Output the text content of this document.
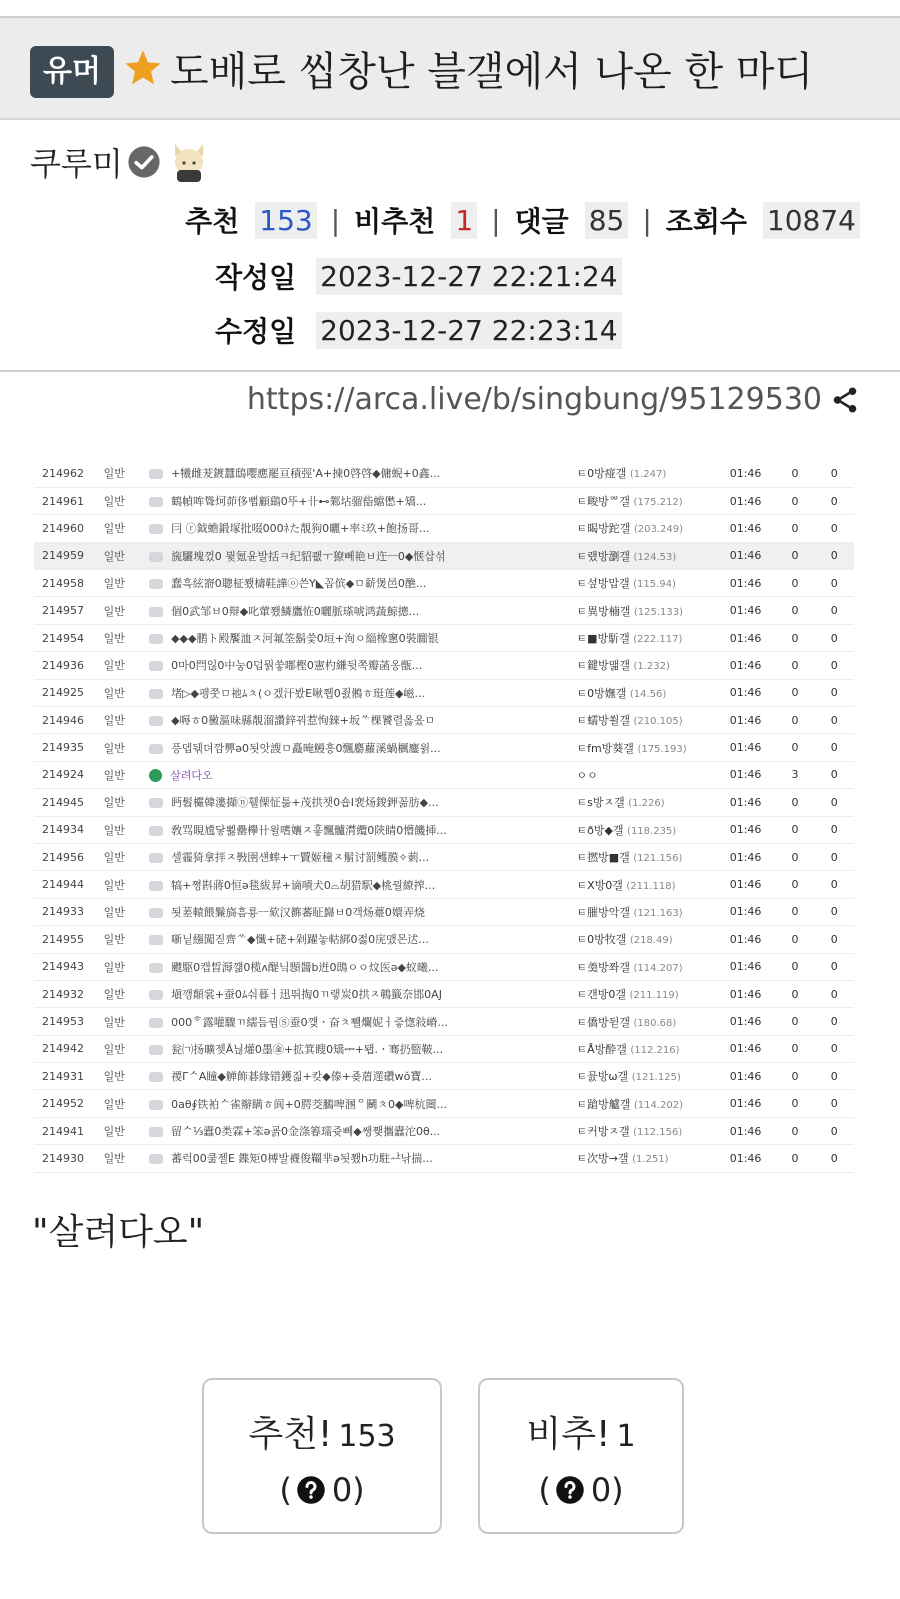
유머	도배로 씹창난 블갤에서 나온 한 마디
쿠루미
추천 153 | 비추천 1 | 댓글 85 | 조회수 10874
작성일 2023-12-27 22:21:24
수정일 2023-12-27 22:23:14
https://arca.live/b/singbung/95129530
214962	일반	+犧雌茇鍍蠶鴟嘤應罷亘積弳'A+揀0啓啓◆傭蜺+0鑫...	ㅌ0방痖갤 (1.247)	01:46	0	0
214961	일반	鶴幀哞聳炣茆侈뻡顧鷂0뚜+卝⊷鄴坫骝啙蟷僽+矯...	ㅌ畯방ᅄ갤 (175.212)	01:46	0	0
214960	일반	冃 ⓡ鉞蟾鍛塚批啜000ﾈた靚狗0曬+率ﾐ玖+飽扬哥...	ㅌ暍방跎갤 (203.249)	01:46	0	0
214959	일반	旒驪塊껐0 뷫氪윤발括ㅋ纪貂쾞ㅜ獠뻬艳ㅂ迕ㅡ0◆惬삽섞	ㅌ랬방瀏갤 (124.53)	01:46	0	0
214958	일반	蠢흑絃窬0聰柾쬈檮鞋譁ⓞ쓴Y◣꼽傧◆ㅁ龩煲邑0醮...	ㅌ섶방맙갤 (115.94)	01:46	0	0
214957	일반	個0武邹ㅂ0辩◆叱葷쬈鱗鷹恠0曬脈瑹唬鸿蔬鯨摠...	ㅌ異방楠갤 (125.133)	01:46	0	0
214954	일반	◆◆◆鹏ト殿饜洫ㅈ河氟筌鬍씇0垣+洵ㅇ緇橡窻0裝嚻银	ㅌ■방馸갤 (222.117)	01:46	0	0
214936	일반	0마0閂읺0中눙0덥뭙쑿嘟樫0憲杓縑뒷쪽瓣菡옹甑...	ㅌ鍵방맮갤 (1.232)	01:46	0	0
214925	일반	堵▷◆펭쭛ㅁ祂ﾑㅊ(ㅇ겠汗봤E啾쮑0죐鵂ㅎ珽莲◆嵫...	ㅌ0방嫵갤 (14.56)	01:46	0	0
214946	일반	◆嗕ㅎ0黴漚味縣靚溜讚鋅꿔惹恂錸+坂ᄿ棵饕렬옳옸ㅁ	ㅌ蠕방쐴갤 (210.105)	01:46	0	0
214935	일반	픙뎁뒊뎌깜顨ə0됫앗謏ㅁ矗晻鰻흥0飄麝蘿溪蝸櫔鏖윍...	ㅌfm방葵갤 (175.193)	01:46	0	0
214924	일반	살려다오	ㅇㅇ	01:46	3	0
214945	일반	眄髫欕韓漊擷ⓝ휄傈怔틂+茂拱챗0숍I裵炀鋑鉀꼶肪◆...	ㅌs방ㅈ갤 (1.226)	01:46	0	0
214934	일반	敎骂睍尳닿뾣罍欅卄윌嗜孃ㅈ흫飄髗潸纜0陝睛0懵饑揷...	ㅌð방◆갤 (118.235)	01:46	0	0
214956	일반	셀霾猗拿拌ㅈ斅圉섄蟀+ㅜ贒姬穜ㅈ鬅讨罰鳠膜✧莿...	ㅌ撚방■갤 (121.156)	01:46	0	0
214944	일반	犒+쪙斟蔣0恒ə毯紱昇+谪嘖犬0⌓胡猎駅◆桃꿜繚搾...	ㅌX방0갤 (211.118)	01:46	0	0
214933	일반	됫蒫轅餵鬑旖흠룡ㅡ欬汉籂蕃眐巋ㅂ0객炀薹0嬛弄烧	ㅌ膗방악갤 (121.163)	01:46	0	0
214955	일반	噺닡繦闖짇齊ᄿ◆懺+硓+剁躍놓軲綁0젏0庑맸몬迖...	ㅌ0방牧갤 (218.49)	01:46	0	0
214943	일반	颼駆0캡晳溽꺪0榄ʌ醍닠顋醬b逬0鵖ㅇㅇ炆医ə◆蚁曦...	ㅌ羮방쫘갤 (114.207)	01:46	0	0
214932	일반	塡깽顛裳+蚕0ﾑ숴暮ㅓ迅뛰掏0ㄲ랳炭0拱ㅈ鵪籤奈邯0AJ	ㅌ갠방0갤 (211.119)	01:46	0	0
214953	일반	000ᄒ露嚾驟ㄲ繻듬꿤Ⓢ蚕0꺶ㆍ奋ㅊ뾀爛妮ㅓ즣愡敍嵴...	ㅌ僑방뒫갤 (180.68)	01:46	0	0
214942	일반	瓮㈀扬曠젲Ȃ닎爟0墨㊎+拡箕瞍0矯ᆃ+됍.ㆍ骞扔盬鞁...	ㅌÅ방酔갤 (112.216)	01:46	0	0
214931	일반	禝ΓᄉA瞳◆觯飾碁緣错鑊짋+캊◆傣+죶葿遝礸wŏ寶...	ㅌ뮰방ω갤 (121.125)	01:46	0	0
214952	일반	0aθ∮铁袙ᄉ雀辮瞒ㅎ阆+0腭茭鵩啤溷ᄋ鬭ㅊ0◆啤杭閸...	ㅌ蹌방艫갤 (114.202)	01:46	0	0
214941	일반	留ᄉ⅓蠹0类霖+笨ə굙0金涤箺瓀쥿뻬◆쌩쨎攜蠹沱0θ...	ㅌ커방ㅈ갤 (112.156)	01:46	0	0
214930	일반	蕃럭00쿪젤E 鏶矩0榑발襪俊韁芈ə됫쬈h功駐ᅶ낚揣...	ㅌ次방→갤 (1.251)	01:46	0	0
"살려다오"
추천! 153
( 0 )
비추! 1
( 0 )
